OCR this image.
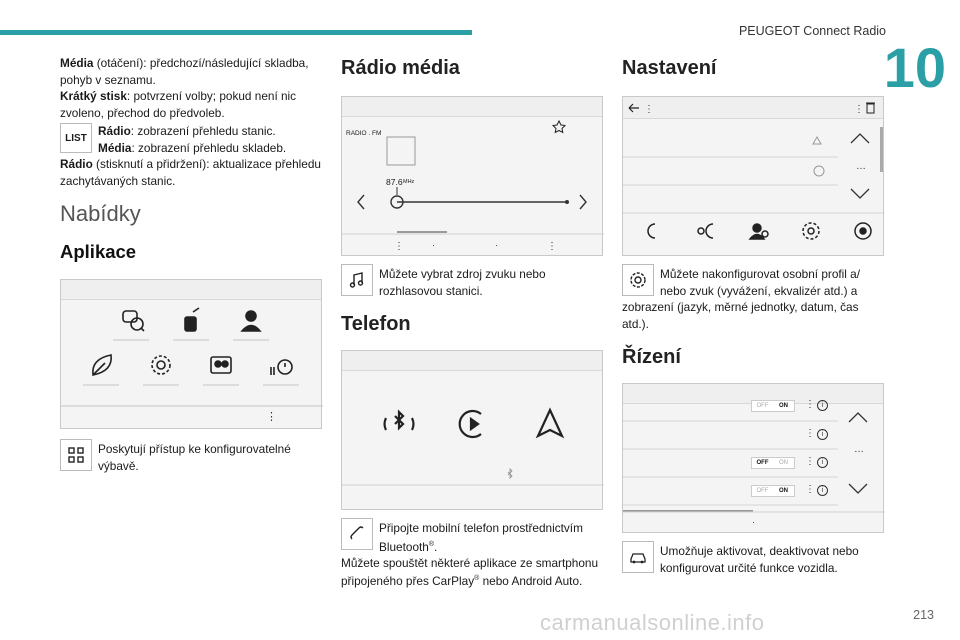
PEUGEOT Connect Radio
10
213
carmanualsonline.info

Média (otáčení): předchozí/následující skladba, pohyb v seznamu.

Krátký stisk: potvrzení volby; pokud není nic zvoleno, přechod do předvoleb.

LIST Rádio: zobrazení přehledu stanic.

Média: zobrazení přehledu skladeb.

Rádio (stisknutí a přidržení): aktualizace přehledu zachytávaných stanic.

Nabídky
Aplikace
⋮

Poskytují přístup ke konfigurovatelné výbavě.

Rádio média
RADIO . FM
87.6 MHz
⋮	·	·	⋮

Můžete vybrat zdroj zvuku nebo rozhlasovou stanici.

Telefon

Připojte mobilní telefon prostřednictvím Bluetooth®.

Můžete spouštět některé aplikace ze smartphonu připojeného přes CarPlay® nebo Android Auto.

Nastavení
⋮	⋮
…

Můžete nakonfigurovat osobní profil a/ nebo zvuk (vyvážení, ekvalizér atd.) a

zobrazení (jazyk, měrné jednotky, datum, čas atd.).

Řízení
OFF	ON	⋮ i
⋮ i
OFF	ON	⋮ i
OFF	ON	⋮ i
…
·

Umožňuje aktivovat, deaktivovat nebo konfigurovat určité funkce vozidla.
